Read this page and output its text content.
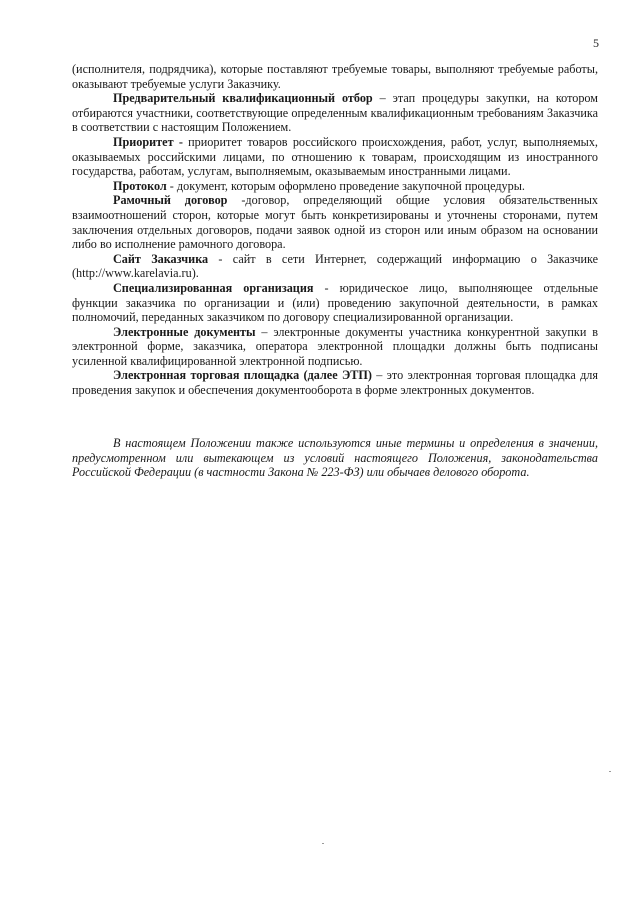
5

(исполнителя, подрядчика), которые поставляют требуемые товары, выполняют требуемые работы, оказывают требуемые услуги Заказчику.

Предварительный квалификационный отбор – этап процедуры закупки, на котором отбираются участники, соответствующие определенным квалификационным требованиям Заказчика в соответствии с настоящим Положением.

Приоритет - приоритет товаров российского происхождения, работ, услуг, выполняемых, оказываемых российскими лицами, по отношению к товарам, происходящим из иностранного государства, работам, услугам, выполняемым, оказываемым иностранными лицами.

Протокол - документ, которым оформлено проведение закупочной процедуры.

Рамочный договор -договор, определяющий общие условия обязательственных взаимоотношений сторон, которые могут быть конкретизированы и уточнены сторонами, путем заключения отдельных договоров, подачи заявок одной из сторон или иным образом на основании либо во исполнение рамочного договора.

Сайт Заказчика - сайт в сети Интернет, содержащий информацию о Заказчике (http://www.karelavia.ru).

Специализированная организация - юридическое лицо, выполняющее отдельные функции заказчика по организации и (или) проведению закупочной деятельности, в рамках полномочий, переданных заказчиком по договору специализированной организации.

Электронные документы – электронные документы участника конкурентной закупки в электронной форме, заказчика, оператора электронной площадки должны быть подписаны усиленной квалифицированной электронной подписью.

Электронная торговая площадка (далее ЭТП) – это электронная торговая площадка для проведения закупок и обеспечения документооборота в форме электронных документов.

В настоящем Положении также используются иные термины и определения в значении, предусмотренном или вытекающем из условий настоящего Положения, законодательства Российской Федерации (в частности Закона № 223-ФЗ) или обычаев делового оборота.
